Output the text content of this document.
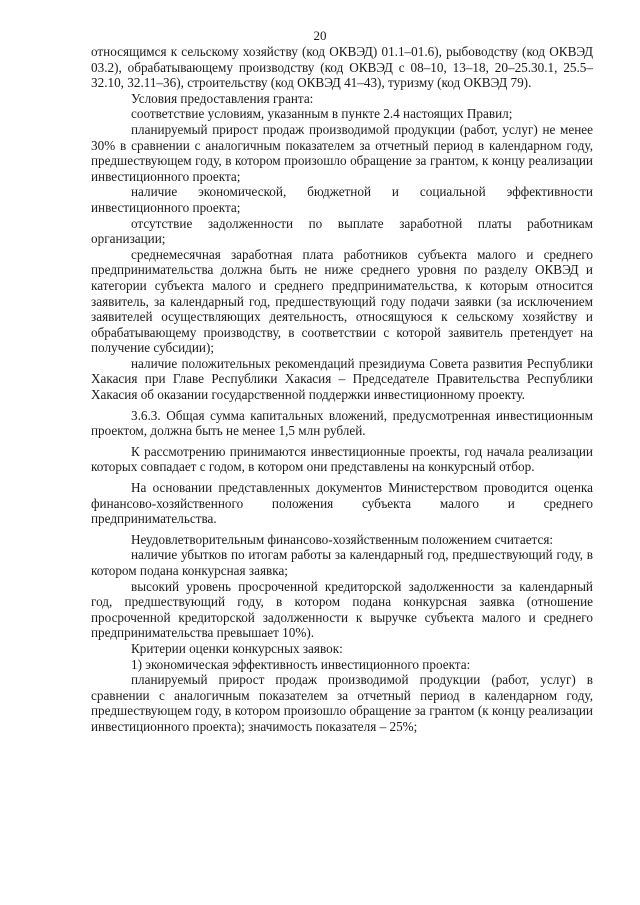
20

относящимся к сельскому хозяйству (код ОКВЭД) 01.1–01.6), рыбоводству (код ОКВЭД 03.2), обрабатывающему производству (код ОКВЭД с 08–10, 13–18, 20–25.30.1, 25.5–32.10, 32.11–36), строительству (код ОКВЭД 41–43), туризму (код ОКВЭД 79).

Условия предоставления гранта:

соответствие условиям, указанным в пункте 2.4 настоящих Правил;

планируемый прирост продаж производимой продукции (работ, услуг) не менее 30% в сравнении с аналогичным показателем за отчетный период в календарном году, предшествующем году, в котором произошло обращение за грантом, к концу реализации инвестиционного проекта;

наличие экономической, бюджетной и социальной эффективности инвестиционного проекта;

отсутствие задолженности по выплате заработной платы работникам организации;

среднемесячная заработная плата работников субъекта малого и среднего предпринимательства должна быть не ниже среднего уровня по разделу ОКВЭД и категории субъекта малого и среднего предпринимательства, к которым относится заявитель, за календарный год, предшествующий году подачи заявки (за исключением заявителей осуществляющих деятельность, относящуюся к сельскому хозяйству и обрабатывающему производству, в соответствии с которой заявитель претендует на получение субсидии);

наличие положительных рекомендаций президиума Совета развития Республики Хакасия при Главе Республики Хакасия – Председателе Правительства Республики Хакасия об оказании государственной поддержки инвестиционному проекту.

3.6.3. Общая сумма капитальных вложений, предусмотренная инвестиционным проектом, должна быть не менее 1,5 млн рублей.

К рассмотрению принимаются инвестиционные проекты, год начала реализации которых совпадает с годом, в котором они представлены на конкурсный отбор.

На основании представленных документов Министерством проводится оценка финансово-хозяйственного положения субъекта малого и среднего предпринимательства.

Неудовлетворительным финансово-хозяйственным положением считается:

наличие убытков по итогам работы за календарный год, предшествующий году, в котором подана конкурсная заявка;

высокий уровень просроченной кредиторской задолженности за календарный год, предшествующий году, в котором подана конкурсная заявка (отношение просроченной кредиторской задолженности к выручке субъекта малого и среднего предпринимательства превышает 10%).

Критерии оценки конкурсных заявок:

1) экономическая эффективность инвестиционного проекта:

планируемый прирост продаж производимой продукции (работ, услуг) в сравнении с аналогичным показателем за отчетный период в календарном году, предшествующем году, в котором произошло обращение за грантом (к концу реализации инвестиционного проекта); значимость показателя – 25%;
